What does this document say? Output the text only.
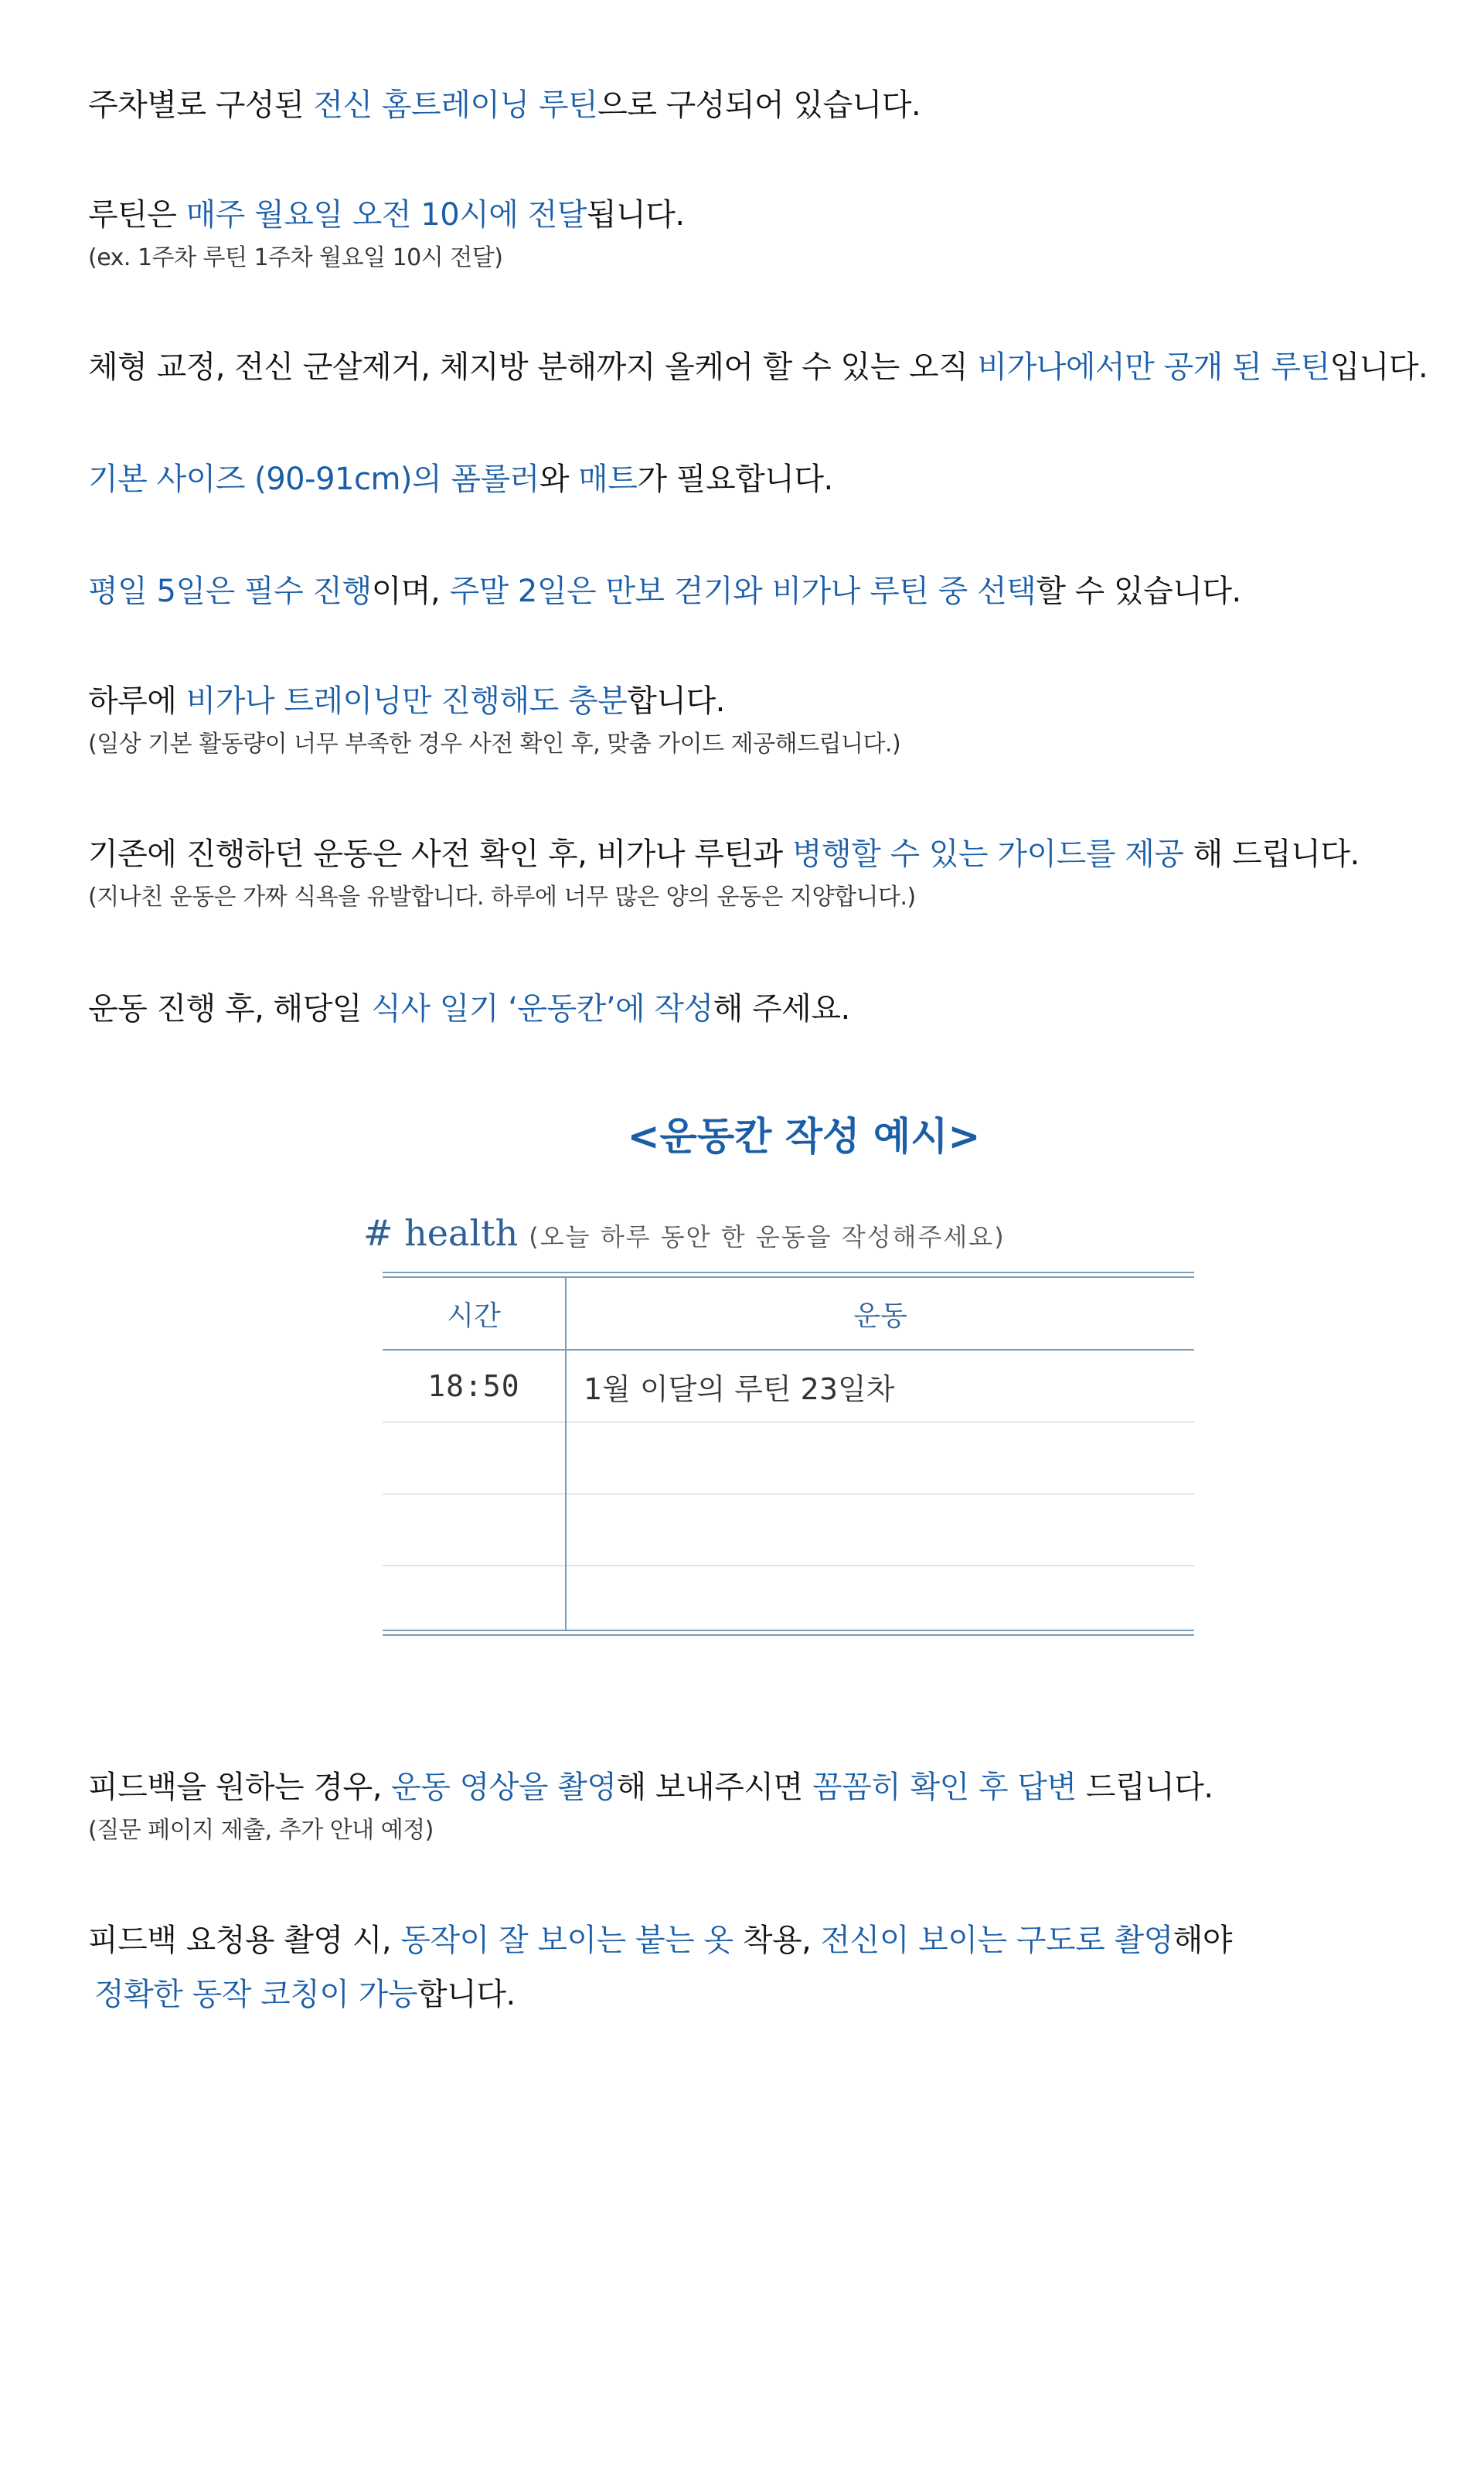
주차별로 구성된 전신 홈트레이닝 루틴으로 구성되어 있습니다.

루틴은 매주 월요일 오전 10시에 전달됩니다.

(ex. 1주차 루틴 1주차 월요일 10시 전달)

체형 교정, 전신 군살제거, 체지방 분해까지 올케어 할 수 있는 오직 비가나에서만 공개 된 루틴입니다.

기본 사이즈 (90-91cm)의 폼롤러와 매트가 필요합니다.

평일 5일은 필수 진행이며, 주말 2일은 만보 걷기와 비가나 루틴 중 선택할 수 있습니다.

하루에 비가나 트레이닝만 진행해도 충분합니다.

(일상 기본 활동량이 너무 부족한 경우 사전 확인 후, 맞춤 가이드 제공해드립니다.)

기존에 진행하던 운동은 사전 확인 후, 비가나 루틴과 병행할 수 있는 가이드를 제공 해 드립니다.

(지나친 운동은 가짜 식욕을 유발합니다. 하루에 너무 많은 양의 운동은 지양합니다.)

운동 진행 후, 해당일 식사 일기 ‘운동칸’에 작성해 주세요.

<운동칸 작성 예시>
# health (오늘 하루 동안 한 운동을 작성해주세요)
시간	운동
18:50	1월 이달의 루틴 23일차

피드백을 원하는 경우, 운동 영상을 촬영해 보내주시면 꼼꼼히 확인 후 답변 드립니다.

(질문 페이지 제출, 추가 안내 예정)

피드백 요청용 촬영 시, 동작이 잘 보이는 붙는 옷 착용, 전신이 보이는 구도로 촬영해야

정확한 동작 코칭이 가능합니다.
